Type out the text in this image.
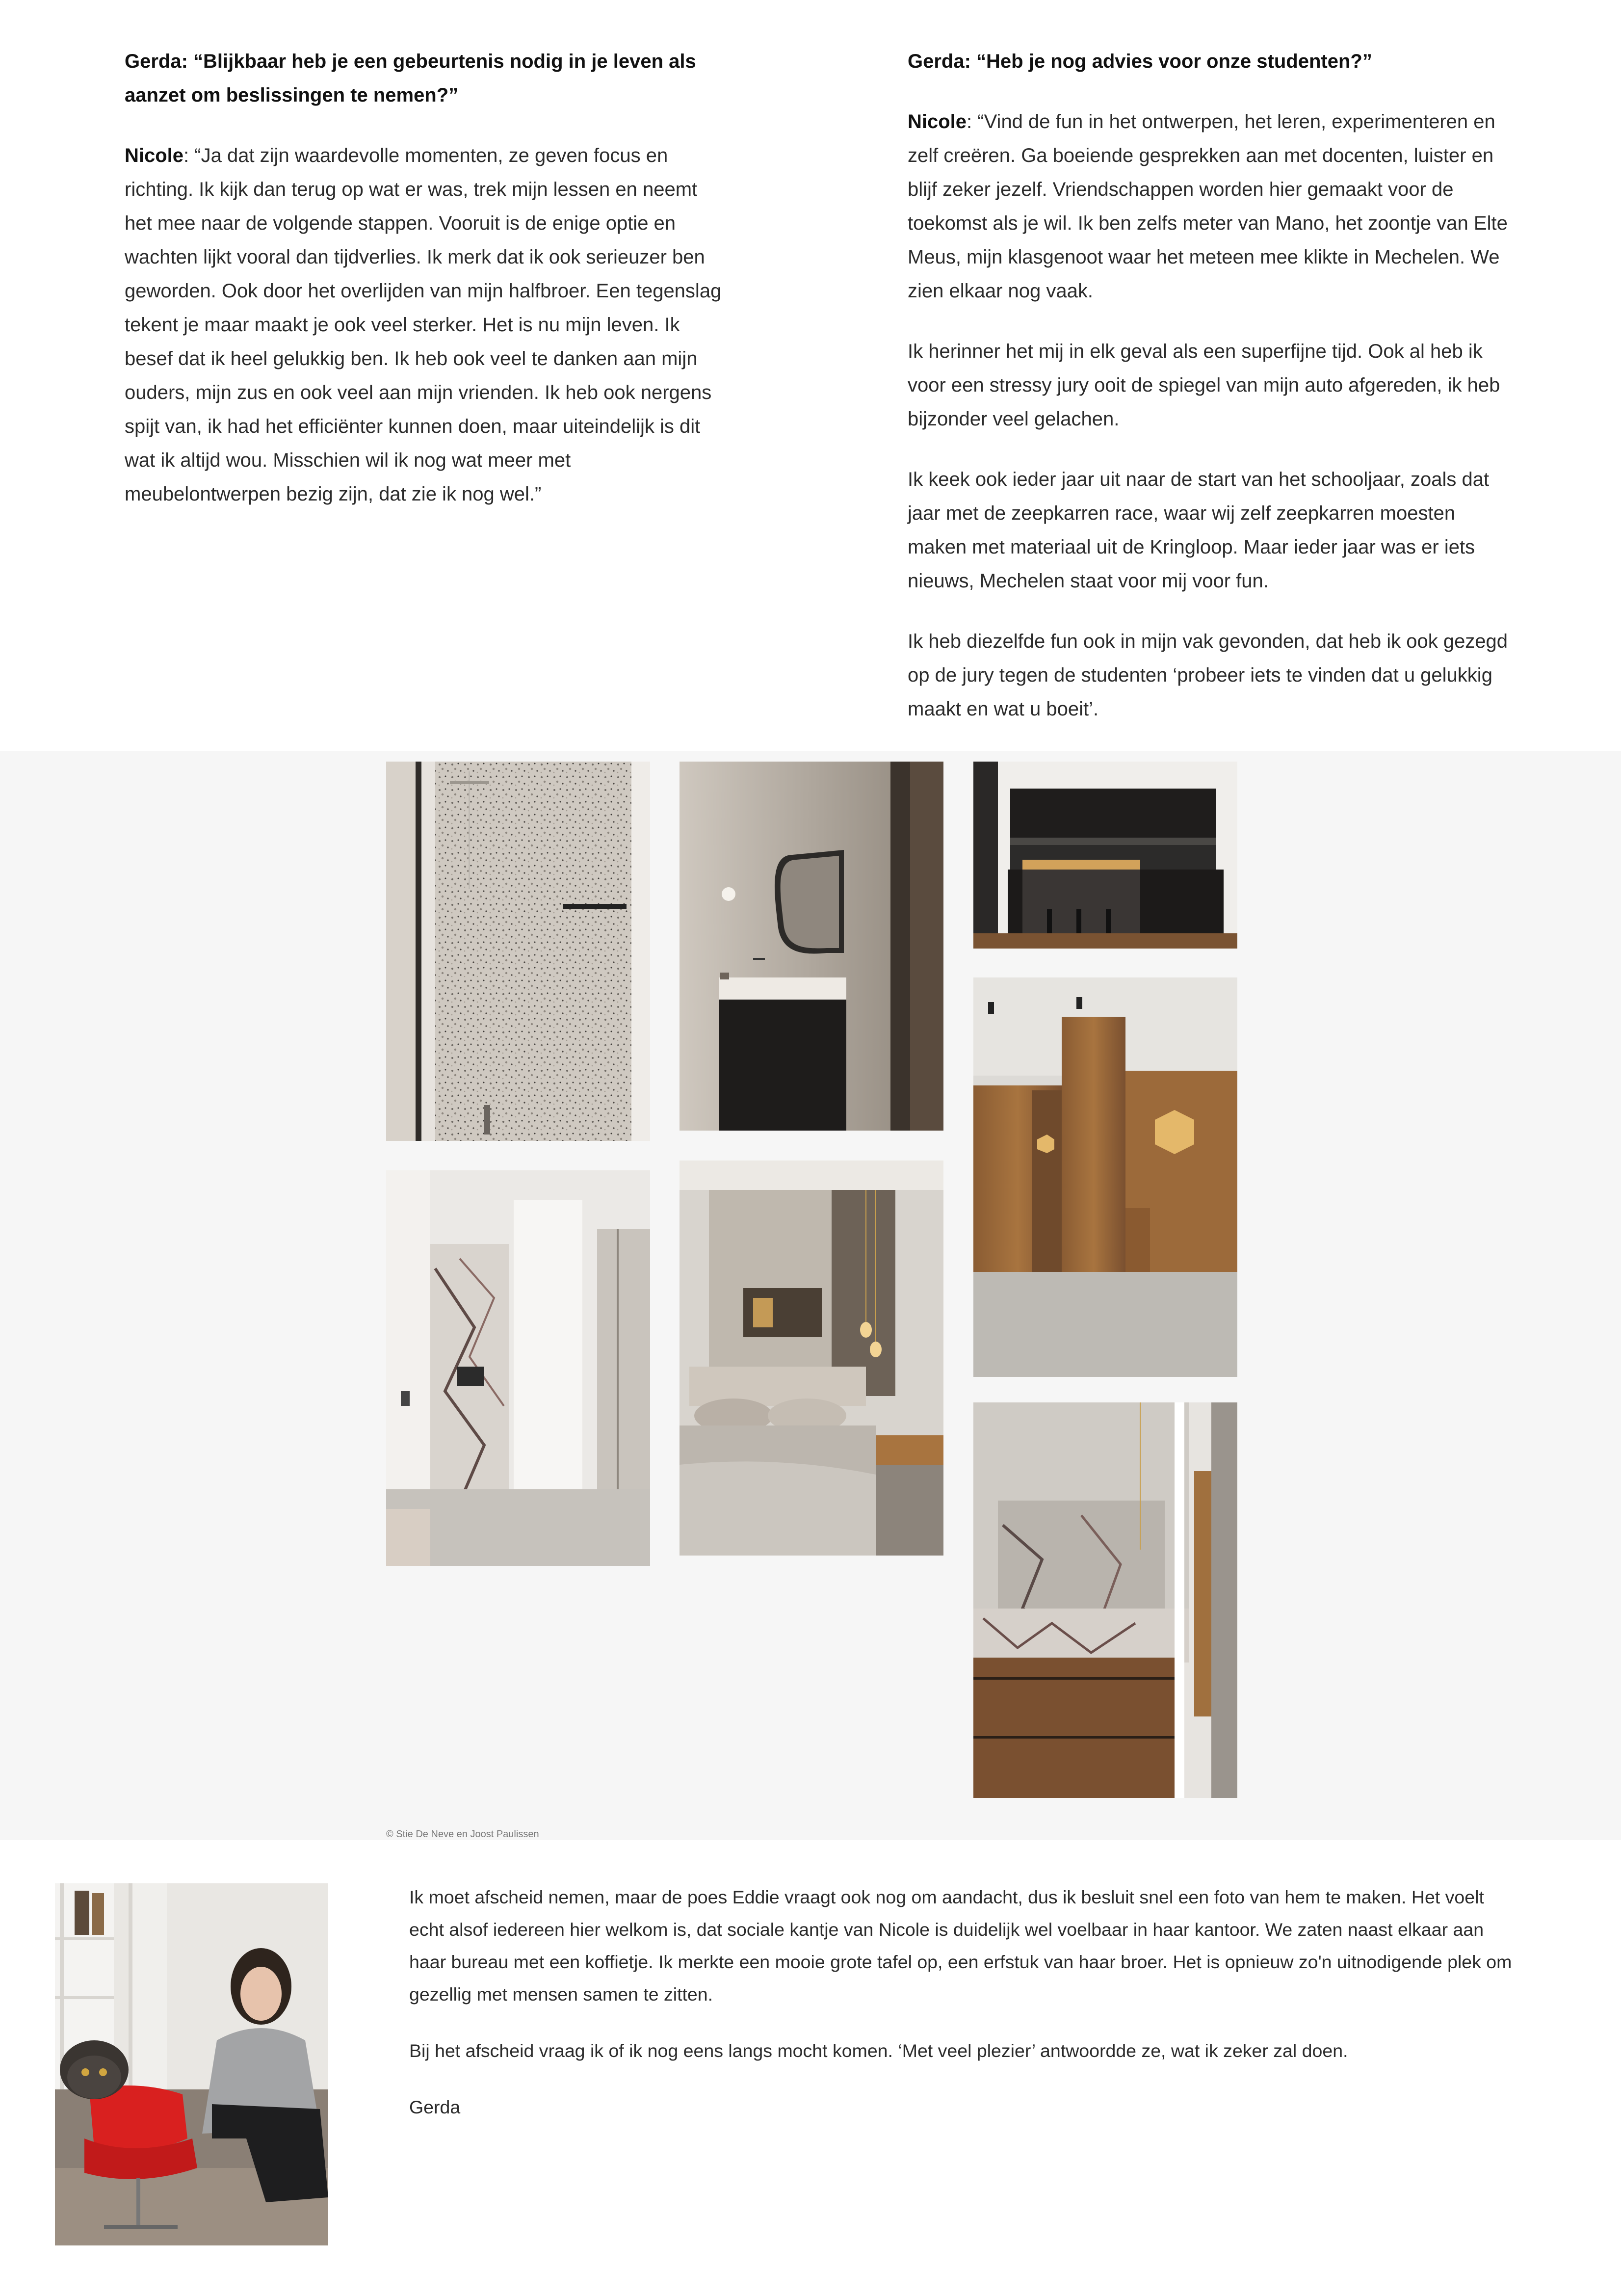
Gerda: “Blijkbaar heb je een gebeurtenis nodig in je leven als aanzet om beslissingen te nemen?”

Nicole: “Ja dat zijn waardevolle momenten, ze geven focus en richting. Ik kijk dan terug op wat er was, trek mijn lessen en neemt het mee naar de volgende stappen. Vooruit is de enige optie en wachten lijkt vooral dan tijdverlies. Ik merk dat ik ook serieuzer ben geworden. Ook door het overlijden van mijn halfbroer. Een tegenslag tekent je maar maakt je ook veel sterker. Het is nu mijn leven. Ik besef dat ik heel gelukkig ben. Ik heb ook veel te danken aan mijn ouders, mijn zus en ook veel aan mijn vrienden. Ik heb ook nergens spijt van, ik had het efficiënter kunnen doen, maar uiteindelijk is dit wat ik altijd wou. Misschien wil ik nog wat meer met meubelontwerpen bezig zijn, dat zie ik nog wel.”

Gerda: “Heb je nog advies voor onze studenten?”

Nicole: “Vind de fun in het ontwerpen, het leren, experimenteren en zelf creëren. Ga boeiende gesprekken aan met docenten, luister en blijf zeker jezelf. Vriendschappen worden hier gemaakt voor de toekomst als je wil. Ik ben zelfs meter van Mano, het zoontje van Elte Meus, mijn klasgenoot waar het meteen mee klikte in Mechelen. We zien elkaar nog vaak.

Ik herinner het mij in elk geval als een superfijne tijd. Ook al heb ik voor een stressy jury ooit de spiegel van mijn auto afgereden, ik heb bijzonder veel gelachen.

Ik keek ook ieder jaar uit naar de start van het schooljaar, zoals dat jaar met de zeepkarren race, waar wij zelf zeepkarren moesten maken met materiaal uit de Kringloop. Maar ieder jaar was er iets nieuws, Mechelen staat voor mij voor fun.

Ik heb diezelfde fun ook in mijn vak gevonden, dat heb ik ook gezegd op de jury tegen de studenten ‘probeer iets te vinden dat u gelukkig maakt en wat u boeit’.

© Stie De Neve en Joost Paulissen

Ik moet afscheid nemen, maar de poes Eddie vraagt ook nog om aandacht, dus ik besluit snel een foto van hem te maken. Het voelt echt alsof iedereen hier welkom is, dat sociale kantje van Nicole is duidelijk wel voelbaar in haar kantoor. We zaten naast elkaar aan haar bureau met een koffietje. Ik merkte een mooie grote tafel op, een erfstuk van haar broer. Het is opnieuw zo'n uitnodigende plek om gezellig met mensen samen te zitten.

Bij het afscheid vraag ik of ik nog eens langs mocht komen. ‘Met veel plezier’ antwoordde ze, wat ik zeker zal doen.

Gerda
